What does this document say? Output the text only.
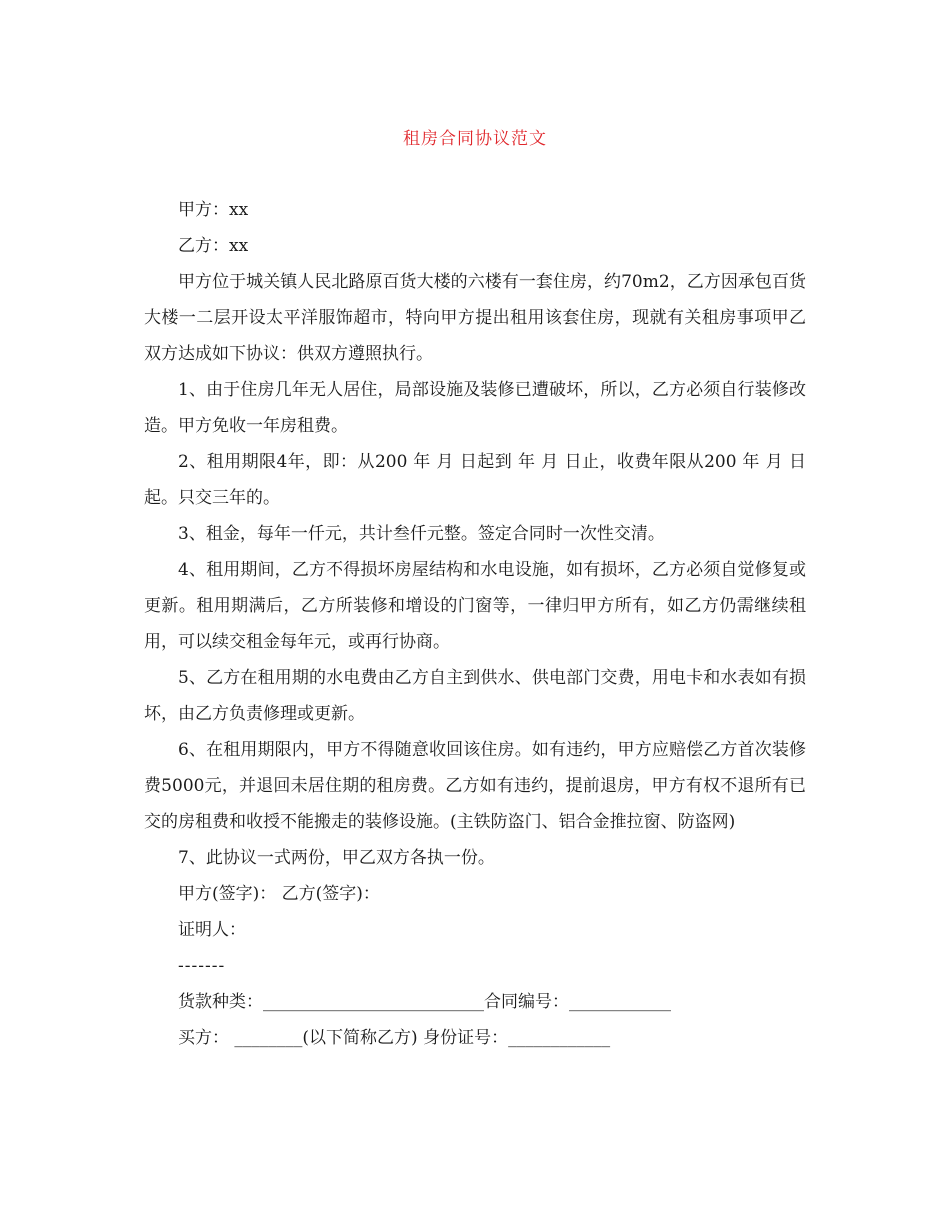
租房合同协议范文

甲方：xx

乙方：xx

甲方位于城关镇人民北路原百货大楼的六楼有一套住房，约70m2，乙方因承包百货大楼一二层开设太平洋服饰超市，特向甲方提出租用该套住房，现就有关租房事项甲乙双方达成如下协议：供双方遵照执行。

1、由于住房几年无人居住，局部设施及装修已遭破坏，所以，乙方必须自行装修改造。甲方免收一年房租费。

2、租用期限4年，即：从200 年 月 日起到 年 月 日止，收费年限从200 年 月 日起。只交三年的。

3、租金，每年一仟元，共计叁仟元整。签定合同时一次性交清。

4、租用期间，乙方不得损坏房屋结构和水电设施，如有损坏，乙方必须自觉修复或更新。租用期满后，乙方所装修和增设的门窗等，一律归甲方所有，如乙方仍需继续租用，可以续交租金每年元，或再行协商。

5、乙方在租用期的水电费由乙方自主到供水、供电部门交费，用电卡和水表如有损坏，由乙方负责修理或更新。

6、在租用期限内，甲方不得随意收回该住房。如有违约，甲方应赔偿乙方首次装修费5000元，并退回未居住期的租房费。乙方如有违约，提前退房，甲方有权不退所有已交的房租费和收授不能搬走的装修设施。(主铁防盗门、铝合金推拉窗、防盗网)

7、此协议一式两份，甲乙双方各执一份。

甲方(签字)： 乙方(签字)：

证明人：

-------

货款种类：__________________________合同编号：____________

买方： ________(以下简称乙方) 身份证号：____________
